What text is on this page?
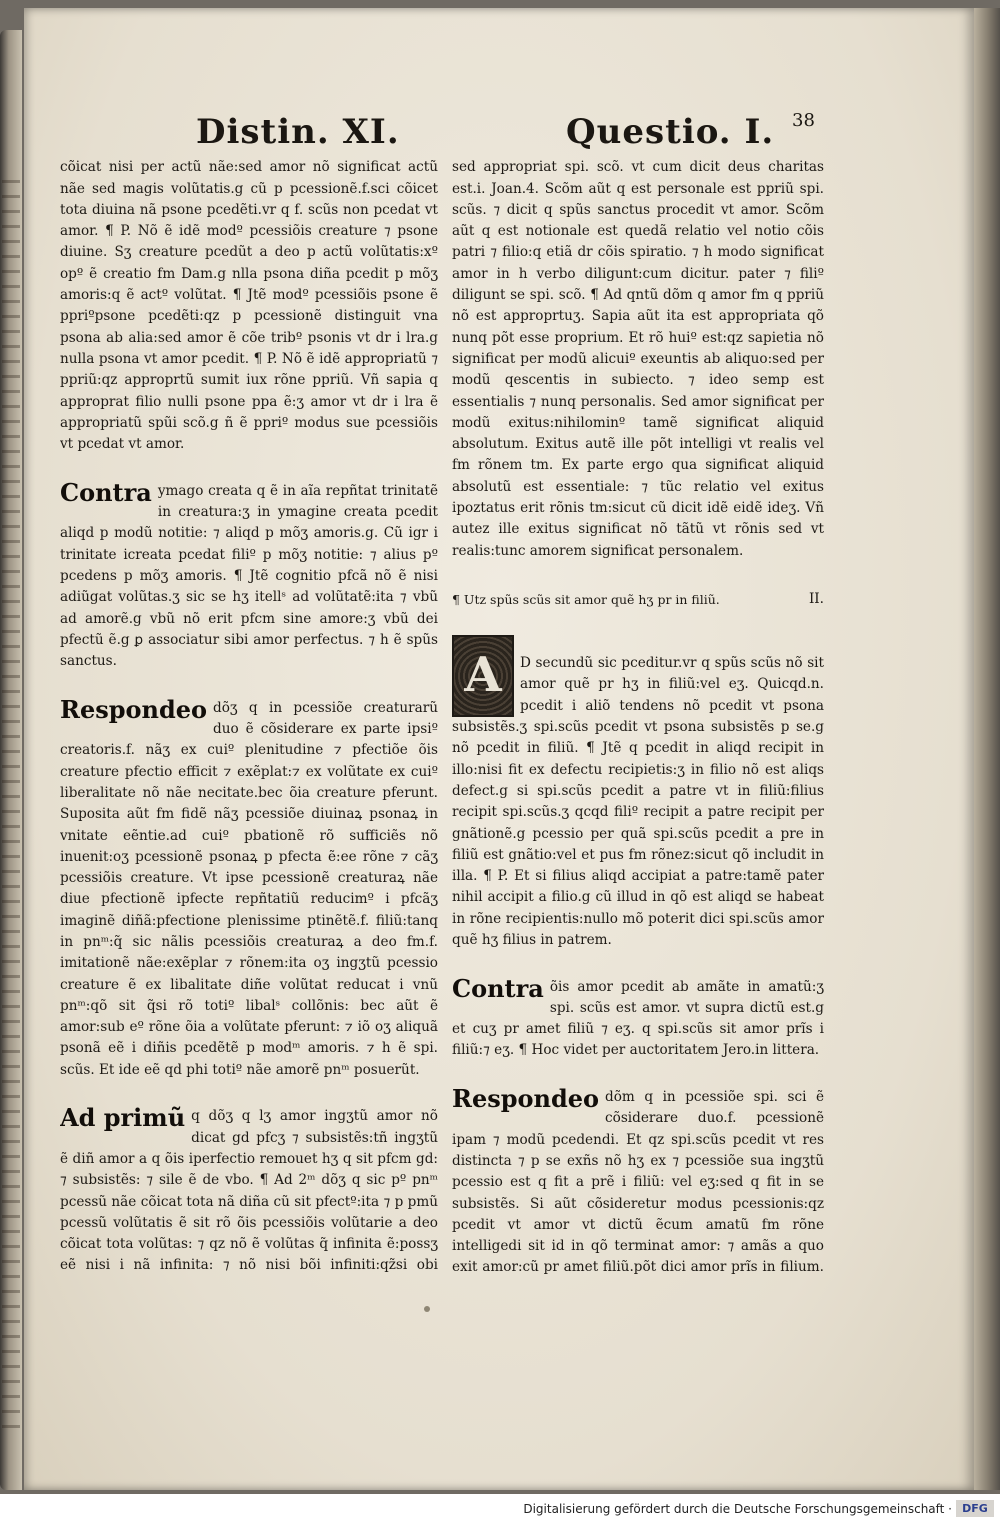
Distin. XI.	Questio. I. 38

cõicat nisi per actũ nãe:sed amor nõ significat actũ nãe sed magis volũtatis.g cũ p pcessionẽ.f.sci cõicet tota diuina nã psone pcedẽti.vr q f. scũs non pcedat vt amor. ¶ P. Nõ ẽ idẽ modº pcessiõis creature ⁊ psone diuine. Sʒ creature pcedũt a deo p actũ volũtatis:xº opº ẽ creatio fm Dam.g nlla psona diña pcedit p mõʒ amoris:q ẽ actº volũtat. ¶ Jtẽ modº pcessiõis psone ẽ ppriºpsone pcedẽti:qz p pcessionẽ distinguit vna psona ab alia:sed amor ẽ cõe tribº psonis vt dr i lra.g nulla psona vt amor pcedit. ¶ P. Nõ ẽ idẽ appropriatũ ⁊ ppriũ:qz approprtũ sumit iux rõne ppriũ. Vñ sapia q approprat filio nulli psone ppa ẽ:ʒ amor vt dr i lra ẽ appropriatũ spũi scõ.g ñ ẽ ppriº modus sue pcessiõis vt pcedat vt amor.

Contra ymago creata q ẽ in aĩa repñtat trinitatẽ in creatura:ʒ in ymagine creata pcedit aliqd p modũ notitie: ⁊ aliqd p mõʒ amoris.g. Cũ igr i trinitate icreata pcedat filiº p mõʒ notitie: ⁊ alius pº pcedens p mõʒ amoris. ¶ Jtẽ cognitio pfcã nõ ẽ nisi adiũgat volũtas.ʒ sic se hʒ itellˢ ad volũtatẽ:ita ⁊ vbũ ad amorẽ.g vbũ nõ erit pfcm sine amore:ʒ vbũ dei pfectũ ẽ.g ꝑ associatur sibi amor perfectus. ⁊ h ẽ spũs sanctus.

Respondeo dõʒ q in pcessiõe creaturarũ duo ẽ cõsiderare ex parte ipsiº creatoris.f. nãʒ ex cuiº plenitudine ⁊ pfectiõe õis creature pfectio efficit ⁊ exẽplat:⁊ ex volũtate ex cuiº liberalitate nõ nãe necitate.bec õia creature pferunt. Suposita aũt fm fidẽ nãʒ pcessiõe diuinaꝝ psonaꝝ in vnitate eẽntie.ad cuiº pbationẽ rõ sufficiẽs nõ inuenit:oʒ pcessionẽ psonaꝝ p pfecta ẽ:ee rõne ⁊ cãʒ pcessiõis creature. Vt ipse pcessionẽ creaturaꝝ nãe diue pfectionẽ ipfecte repñtatiũ reducimº i pfcãʒ imaginẽ diñã:pfectione plenissime ptinẽtẽ.f. filiũ:tanq in pnᵐ:q̃ sic nãlis pcessiõis creaturaꝝ a deo fm.f. imitationẽ nãe:exẽplar ⁊ rõnem:ita oʒ ingʒtũ pcessio creature ẽ ex libalitate diñe volũtat reducat i vnũ pnᵐ:qõ sit q̃si rõ totiº libalˢ collõnis: bec aũt ẽ amor:sub eº rõne õia a volũtate pferunt: ⁊ iõ oʒ aliquã psonã eẽ i diñis pcedẽtẽ p modᵐ amoris. ⁊ h ẽ spi. scũs. Et ide eẽ qd phi totiº nãe amorẽ pnᵐ posuerũt.

Ad primũ q dõʒ q lʒ amor ingʒtũ amor nõ dicat gd pfcʒ ⁊ subsistẽs:tñ ingʒtũ ẽ diñ amor a q õis iperfectio remouet hʒ q sit pfcm gd: ⁊ subsistẽs: ⁊ sile ẽ de vbo. ¶ Ad 2ᵐ dõʒ q sic pº pnᵐ pcessũ nãe cõicat tota nã diña cũ sit pfectº:ita ⁊ p pmũ pcessũ volũtatis ẽ sit rõ õis pcessiõis volũtarie a deo cõicat tota volũtas: ⁊ qz nõ ẽ volũtas q̃ infinita ẽ:possʒ eẽ nisi i nã infinita: ⁊ nõ nisi bõi infiniti:qz̃si obi

sed appropriat spi. scõ. vt cum dicit deus charitas est.i. Joan.4. Scõm aũt q est personale est ppriũ spi. scũs. ⁊ dicit q spũs sanctus procedit vt amor. Scõm aũt q est notionale est quedã relatio vel notio cõis patri ⁊ filio:q etiã dr cõis spiratio. ⁊ h modo significat amor in h verbo diligunt:cum dicitur. pater ⁊ filiº diligunt se spi. scõ. ¶ Ad qntũ dõm q amor fm q ppriũ nõ est approprtuʒ. Sapia aũt ita est appropriata qõ nunq põt esse proprium. Et rõ huiº est:qz sapietia nõ significat per modũ alicuiº exeuntis ab aliquo:sed per modũ qescentis in subiecto. ⁊ ideo semp est essentialis ⁊ nunq personalis. Sed amor significat per modũ exitus:nihilominº tamẽ significat aliquid absolutum. Exitus autẽ ille põt intelligi vt realis vel fm rõnem tm. Ex parte ergo qua significat aliquid absolutũ est essentiale: ⁊ tũc relatio vel exitus ipoztatus erit rõnis tm:sicut cũ dicit idẽ eidẽ ideʒ. Vñ autez ille exitus significat nõ tãtũ vt rõnis sed vt realis:tunc amorem significat personalem.

¶ Utz spũs scũs sit amor quẽ hʒ pr in filiũ.	II.

A	D secundũ sic pceditur.vr q spũs scũs nõ sit amor quẽ pr hʒ in filiũ:vel eʒ. Quicqd.n. pcedit i aliõ tendens nõ pcedit vt psona subsistẽs.ʒ spi.scũs pcedit vt psona subsistẽs p se.g nõ pcedit in filiũ. ¶ Jtẽ q pcedit in aliqd recipit in illo:nisi fit ex defectu recipietis:ʒ in filio nõ est aliqs defect.g si spi.scũs pcedit a patre vt in filiũ:filius recipit spi.scũs.ʒ qcqd filiº recipit a patre recipit per gnãtionẽ.g pcessio per quã spi.scũs pcedit a pre in filiũ est gnãtio:vel et pus fm rõnez:sicut qõ includit in illa. ¶ P. Et si filius aliqd accipiat a patre:tamẽ pater nihil accipit a filio.g cũ illud in qõ est aliqd se habeat in rõne recipientis:nullo mõ poterit dici spi.scũs amor quẽ hʒ filius in patrem.

Contra õis amor pcedit ab amãte in amatũ:ʒ spi. scũs est amor. vt supra dictũ est.g et cuʒ pr amet filiũ ⁊ eʒ. q spi.scũs sit amor prĩs i filiũ:⁊ eʒ. ¶ Hoc videt per auctoritatem Jero.in littera.

Respondeo dõm q in pcessiõe spi. sci ẽ cõsiderare duo.f. pcessionẽ ipam ⁊ modũ pcedendi. Et qz spi.scũs pcedit vt res distincta ⁊ p se exñs nõ hʒ ex ⁊ pcessiõe sua ingʒtũ pcessio est q fit a prẽ i filiũ: vel eʒ:sed q fit in se subsistẽs. Si aũt cõsideretur modus pcessionis:qz pcedit vt amor vt dictũ ẽcum amatũ fm rõne intelligedi sit id in qõ terminat amor: ⁊ amãs a quo exit amor:cũ pr amet filiũ.põt dici amor prĩs in filium.

Digitalisierung gefördert durch die Deutsche Forschungsgemeinschaft · DFG
